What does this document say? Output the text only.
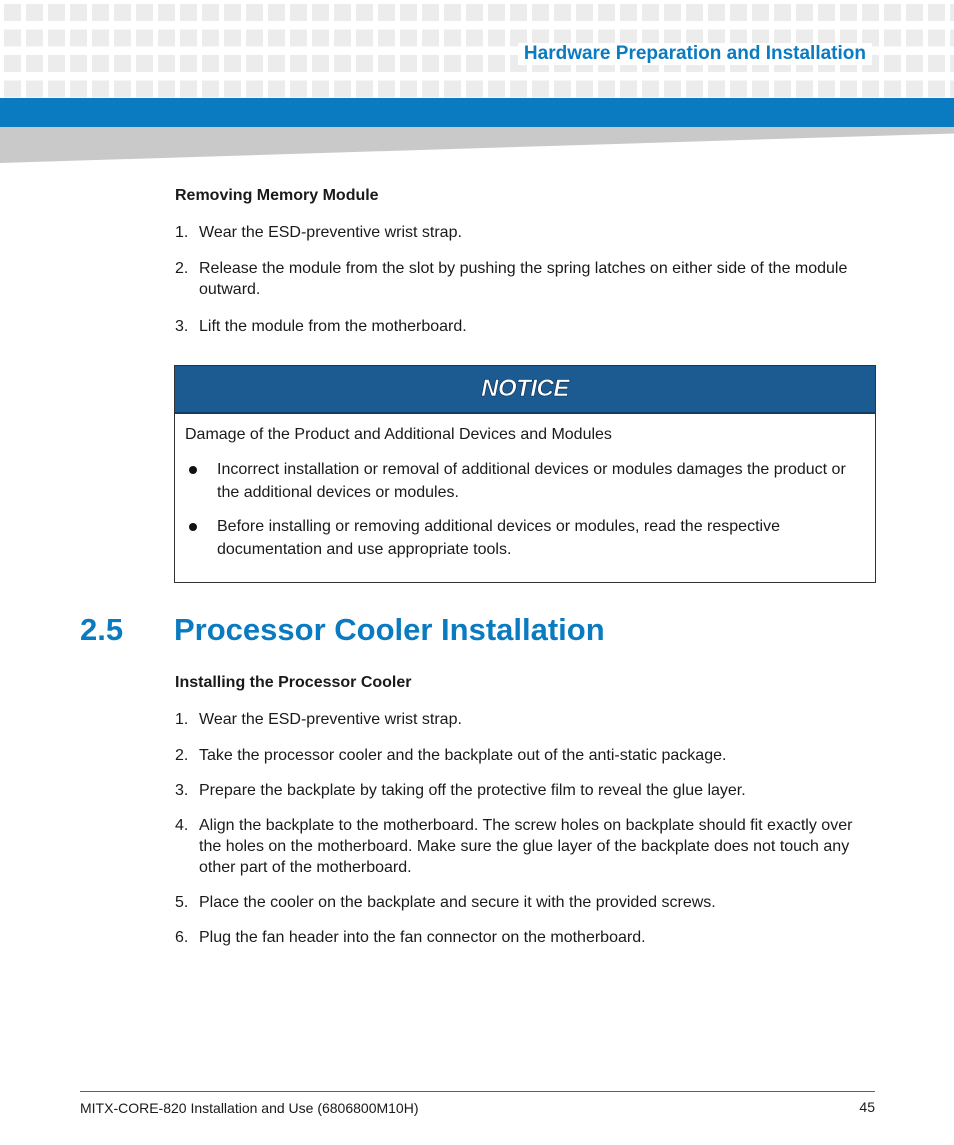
Hardware Preparation and Installation
Removing Memory Module
1. Wear the ESD-preventive wrist strap.
2. Release the module from the slot by pushing the spring latches on either side of the module outward.
3. Lift the module from the motherboard.
NOTICE
Damage of the Product and Additional Devices and Modules
Incorrect installation or removal of additional devices or modules damages the product or the additional devices or modules.
Before installing or removing additional devices or modules, read the respective documentation and use appropriate tools.
2.5 Processor Cooler Installation
Installing the Processor Cooler
1. Wear the ESD-preventive wrist strap.
2. Take the processor cooler and the backplate out of the anti-static package.
3. Prepare the backplate by taking off the protective film to reveal the glue layer.
4. Align the backplate to the motherboard. The screw holes on backplate should fit exactly over the holes on the motherboard. Make sure the glue layer of the backplate does not touch any other part of the motherboard.
5. Place the cooler on the backplate and secure it with the provided screws.
6. Plug the fan header into the fan connector on the motherboard.
MITX-CORE-820 Installation and Use (6806800M10H)	45
